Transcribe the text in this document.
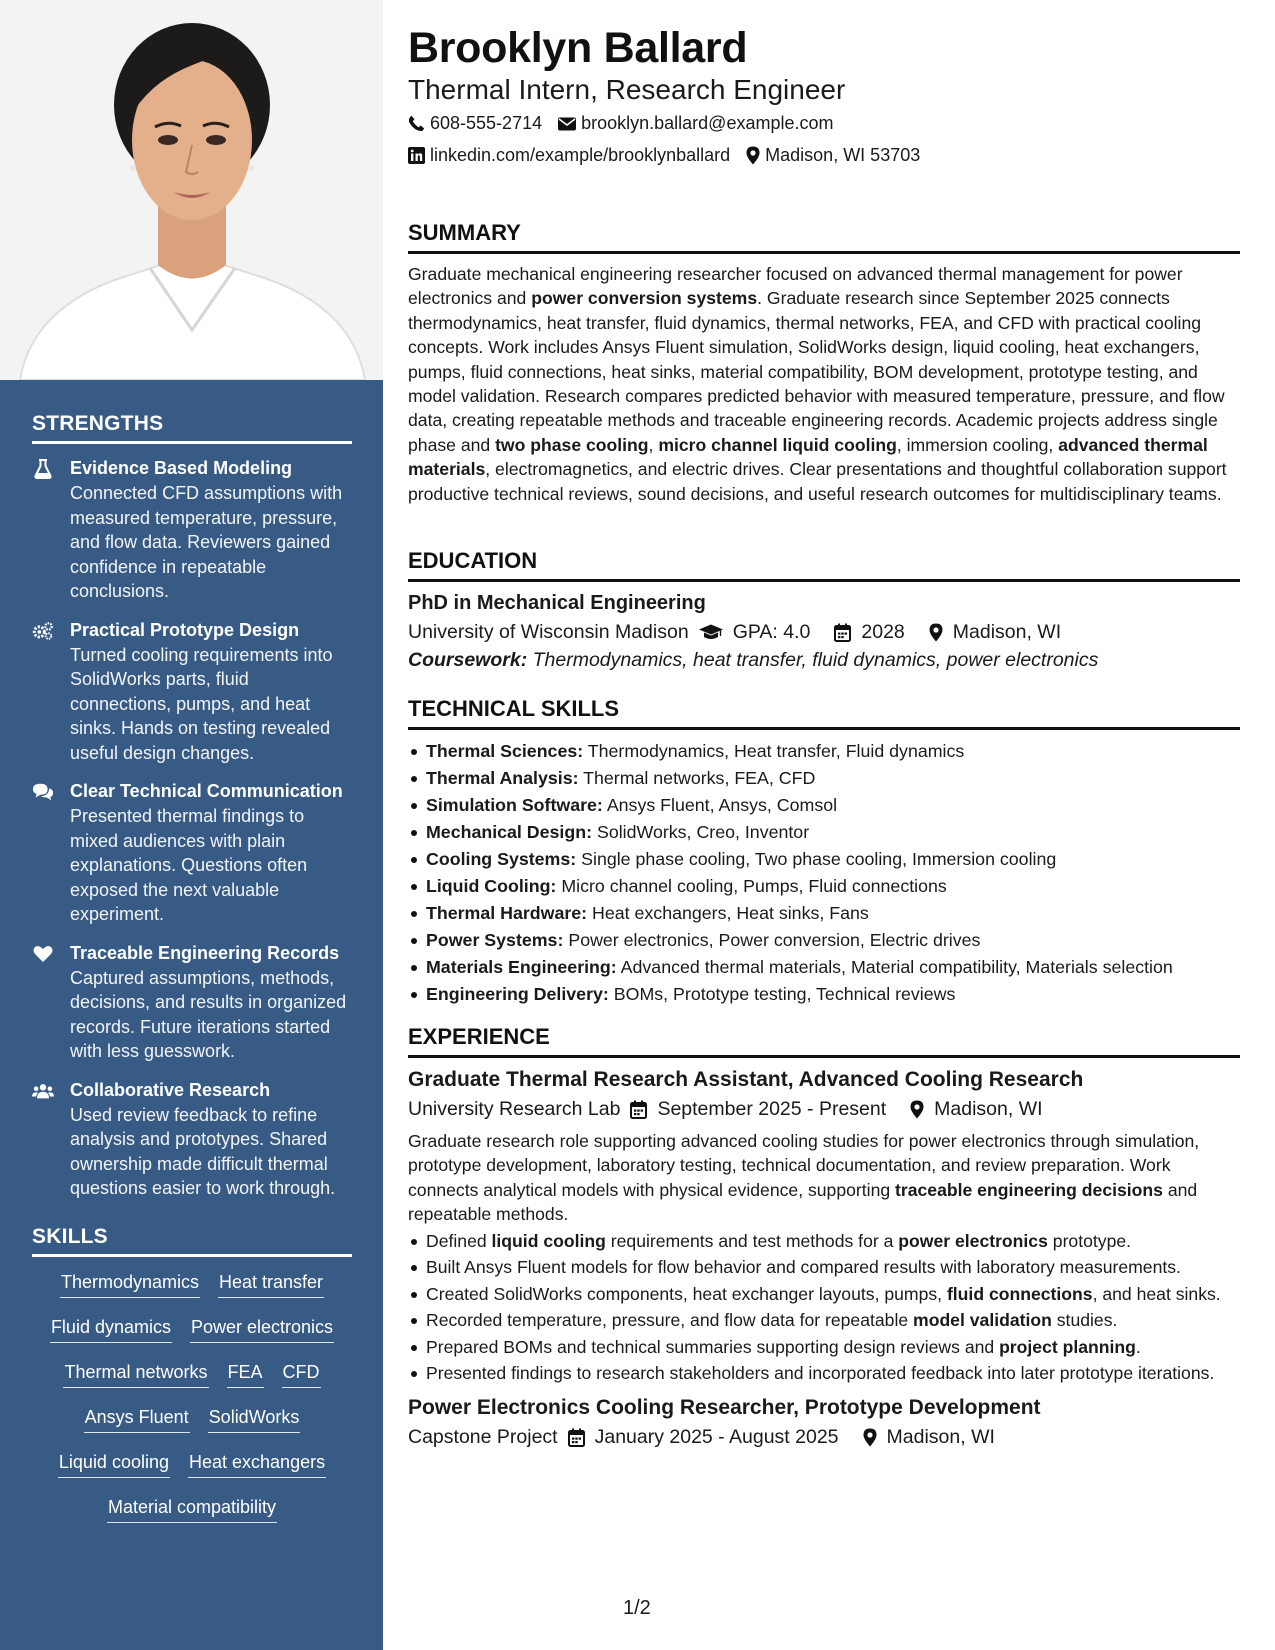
STRENGTHS
Evidence Based Modeling
Connected CFD assumptions with measured temperature, pressure, and flow data. Reviewers gained confidence in repeatable conclusions.
Practical Prototype Design
Turned cooling requirements into SolidWorks parts, fluid connections, pumps, and heat sinks. Hands on testing revealed useful design changes.
Clear Technical Communication
Presented thermal findings to mixed audiences with plain explanations. Questions often exposed the next valuable experiment.
Traceable Engineering Records
Captured assumptions, methods, decisions, and results in organized records. Future iterations started with less guesswork.
Collaborative Research
Used review feedback to refine analysis and prototypes. Shared ownership made difficult thermal questions easier to work through.
SKILLS
Thermodynamics Heat transfer
Fluid dynamics Power electronics
Thermal networks FEA CFD
Ansys Fluent SolidWorks
Liquid cooling Heat exchangers
Material compatibility
Brooklyn Ballard
Thermal Intern, Research Engineer
608-555-2714 brooklyn.ballard@example.com
linkedin.com/example/brooklynballard Madison, WI 53703
SUMMARY

Graduate mechanical engineering researcher focused on advanced thermal management for power electronics and power conversion systems. Graduate research since September 2025 connects thermodynamics, heat transfer, fluid dynamics, thermal networks, FEA, and CFD with practical cooling concepts. Work includes Ansys Fluent simulation, SolidWorks design, liquid cooling, heat exchangers, pumps, fluid connections, heat sinks, material compatibility, BOM development, prototype testing, and model validation. Research compares predicted behavior with measured temperature, pressure, and flow data, creating repeatable methods and traceable engineering records. Academic projects address single phase and two phase cooling, micro channel liquid cooling, immersion cooling, advanced thermal materials, electromagnetics, and electric drives. Clear presentations and thoughtful collaboration support productive technical reviews, sound decisions, and useful research outcomes for multidisciplinary teams.

EDUCATION
PhD in Mechanical Engineering
University of Wisconsin Madison GPA: 4.0	2028 Madison, WI
Coursework: Thermodynamics, heat transfer, fluid dynamics, power electronics
TECHNICAL SKILLS
Thermal Sciences: Thermodynamics, Heat transfer, Fluid dynamics
Thermal Analysis: Thermal networks, FEA, CFD
Simulation Software: Ansys Fluent, Ansys, Comsol
Mechanical Design: SolidWorks, Creo, Inventor
Cooling Systems: Single phase cooling, Two phase cooling, Immersion cooling
Liquid Cooling: Micro channel cooling, Pumps, Fluid connections
Thermal Hardware: Heat exchangers, Heat sinks, Fans
Power Systems: Power electronics, Power conversion, Electric drives
Materials Engineering: Advanced thermal materials, Material compatibility, Materials selection
Engineering Delivery: BOMs, Prototype testing, Technical reviews
EXPERIENCE
Graduate Thermal Research Assistant, Advanced Cooling Research
University Research Lab September 2025 - Present Madison, WI

Graduate research role supporting advanced cooling studies for power electronics through simulation, prototype development, laboratory testing, technical documentation, and review preparation. Work connects analytical models with physical evidence, supporting traceable engineering decisions and repeatable methods.

Defined liquid cooling requirements and test methods for a power electronics prototype.
Built Ansys Fluent models for flow behavior and compared results with laboratory measurements.
Created SolidWorks components, heat exchanger layouts, pumps, fluid connections, and heat sinks.
Recorded temperature, pressure, and flow data for repeatable model validation studies.
Prepared BOMs and technical summaries supporting design reviews and project planning.
Presented findings to research stakeholders and incorporated feedback into later prototype iterations.
Power Electronics Cooling Researcher, Prototype Development
Capstone Project January 2025 - August 2025 Madison, WI
1/2
